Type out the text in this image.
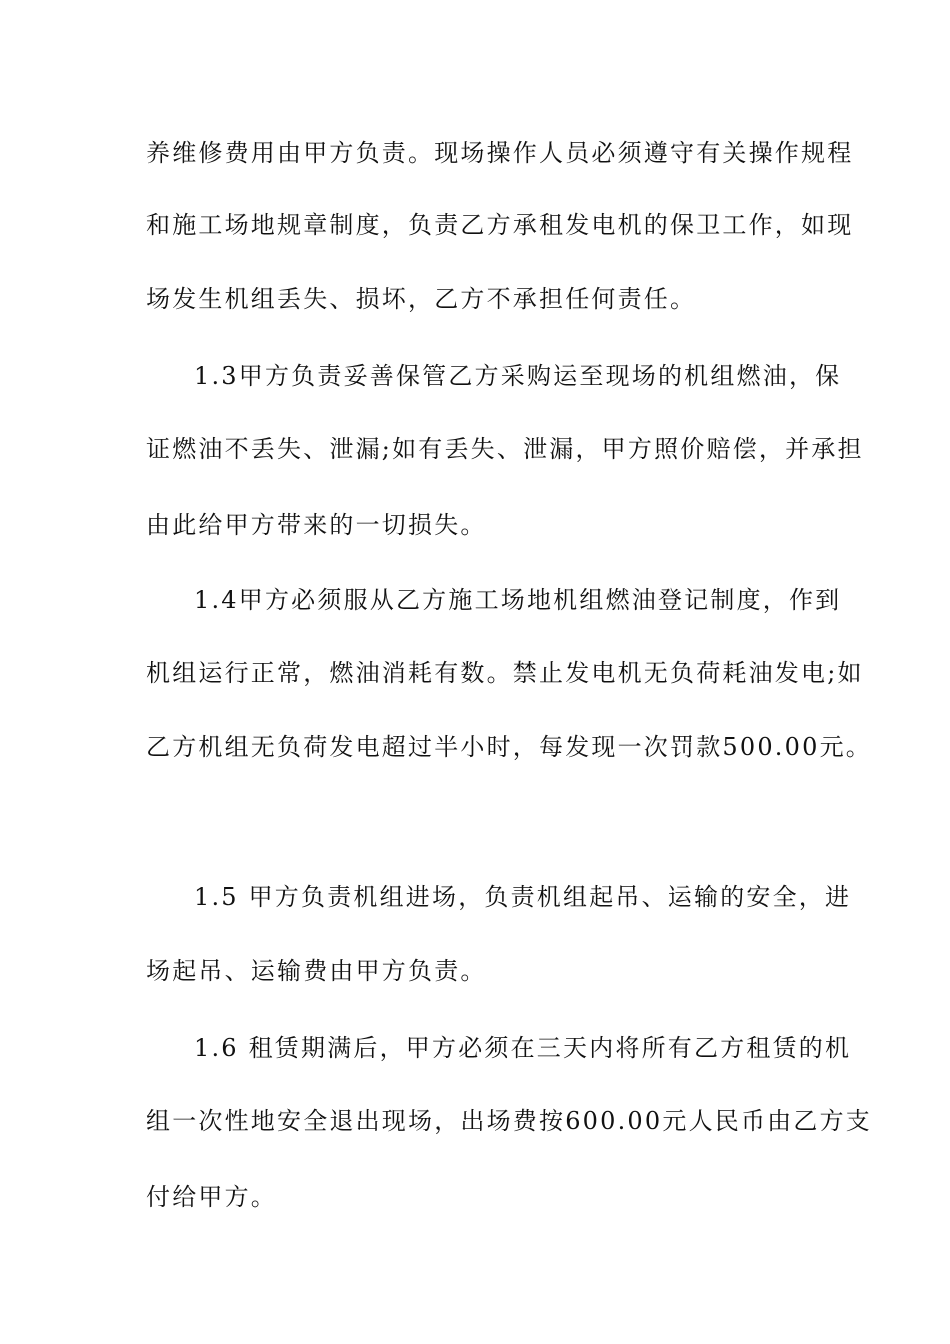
养维修费用由甲方负责。现场操作人员必须遵守有关操作规程
和施工场地规章制度，负责乙方承租发电机的保卫工作，如现
场发生机组丢失、损坏，乙方不承担任何责任。
1.3甲方负责妥善保管乙方采购运至现场的机组燃油，保
证燃油不丢失、泄漏;如有丢失、泄漏，甲方照价赔偿，并承担
由此给甲方带来的一切损失。
1.4甲方必须服从乙方施工场地机组燃油登记制度，作到
机组运行正常，燃油消耗有数。禁止发电机无负荷耗油发电;如
乙方机组无负荷发电超过半小时，每发现一次罚款500.00元。
1.5 甲方负责机组进场，负责机组起吊、运输的安全，进
场起吊、运输费由甲方负责。
1.6 租赁期满后，甲方必须在三天内将所有乙方租赁的机
组一次性地安全退出现场，出场费按600.00元人民币由乙方支
付给甲方。
